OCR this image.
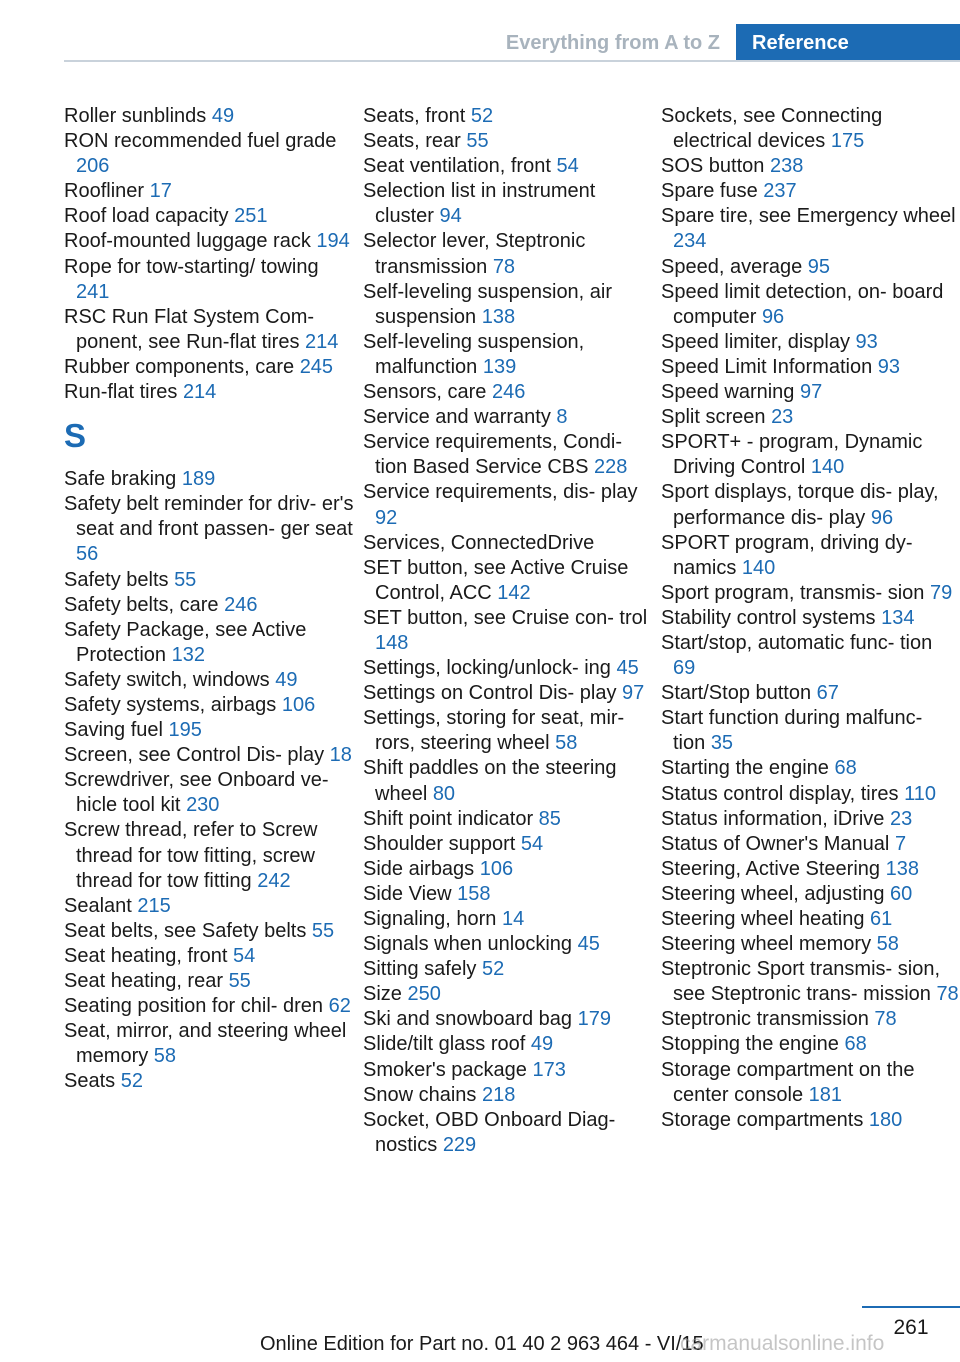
Everything from A to Z	Reference
Roller sunblinds 49
RON recommended fuel grade 206
Roofliner 17
Roof load capacity 251
Roof-mounted luggage rack 194
Rope for tow-starting/ towing 241
RSC Run Flat System Com- ponent, see Run-flat tires 214
Rubber components, care 245
Run-flat tires 214
S
Safe braking 189
Safety belt reminder for driv- er's seat and front passen- ger seat 56
Safety belts 55
Safety belts, care 246
Safety Package, see Active Protection 132
Safety switch, windows 49
Safety systems, airbags 106
Saving fuel 195
Screen, see Control Dis- play 18
Screwdriver, see Onboard ve- hicle tool kit 230
Screw thread, refer to Screw thread for tow fitting, screw thread for tow fitting 242
Sealant 215
Seat belts, see Safety belts 55
Seat heating, front 54
Seat heating, rear 55
Seating position for chil- dren 62
Seat, mirror, and steering wheel memory 58
Seats 52
Seats, front 52
Seats, rear 55
Seat ventilation, front 54
Selection list in instrument cluster 94
Selector lever, Steptronic transmission 78
Self-leveling suspension, air suspension 138
Self-leveling suspension, malfunction 139
Sensors, care 246
Service and warranty 8
Service requirements, Condi- tion Based Service CBS 228
Service requirements, dis- play 92
Services, ConnectedDrive
SET button, see Active Cruise Control, ACC 142
SET button, see Cruise con- trol 148
Settings, locking/unlock- ing 45
Settings on Control Dis- play 97
Settings, storing for seat, mir- rors, steering wheel 58
Shift paddles on the steering wheel 80
Shift point indicator 85
Shoulder support 54
Side airbags 106
Side View 158
Signaling, horn 14
Signals when unlocking 45
Sitting safely 52
Size 250
Ski and snowboard bag 179
Slide/tilt glass roof 49
Smoker's package 173
Snow chains 218
Socket, OBD Onboard Diag- nostics 229
Sockets, see Connecting electrical devices 175
SOS button 238
Spare fuse 237
Spare tire, see Emergency wheel 234
Speed, average 95
Speed limit detection, on- board computer 96
Speed limiter, display 93
Speed Limit Information 93
Speed warning 97
Split screen 23
SPORT+ - program, Dynamic Driving Control 140
Sport displays, torque dis- play, performance dis- play 96
SPORT program, driving dy- namics 140
Sport program, transmis- sion 79
Stability control systems 134
Start/stop, automatic func- tion 69
Start/Stop button 67
Start function during malfunc- tion 35
Starting the engine 68
Status control display, tires 110
Status information, iDrive 23
Status of Owner's Manual 7
Steering, Active Steering 138
Steering wheel, adjusting 60
Steering wheel heating 61
Steering wheel memory 58
Steptronic Sport transmis- sion, see Steptronic trans- mission 78
Steptronic transmission 78
Stopping the engine 68
Storage compartment on the center console 181
Storage compartments 180
261
Online Edition for Part no. 01 40 2 963 464 - VI/15
carmanualsonline.info
